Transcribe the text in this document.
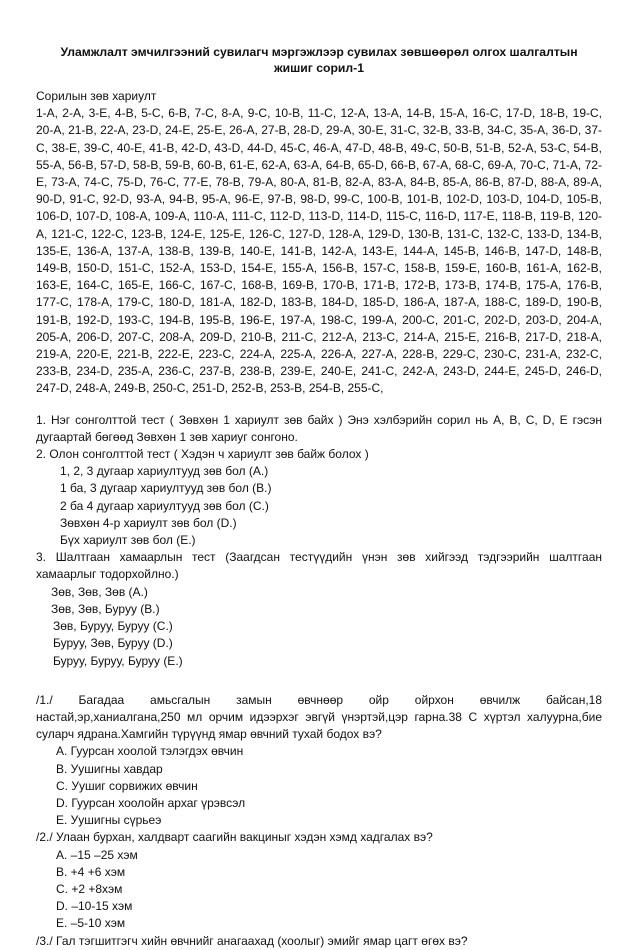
Уламжлалт эмчилгээний сувилагч мэргэжлээр сувилах зөвшөөрөл олгох шалгалтын жишиг сорил-1
Сорилын зөв хариулт
1-A, 2-A, 3-E, 4-B, 5-C, 6-B, 7-C, 8-A, 9-C, 10-B, 11-C, 12-A, 13-A, 14-B, 15-A, 16-C, 17-D, 18-B, 19-C, 20-A, 21-B, 22-A, 23-D, 24-E, 25-E, 26-A, 27-B, 28-D, 29-A, 30-E, 31-C, 32-B, 33-B, 34-C, 35-A, 36-D, 37-C, 38-E, 39-C, 40-E, 41-B, 42-D, 43-D, 44-D, 45-C, 46-A, 47-D, 48-B, 49-C, 50-B, 51-B, 52-A, 53-C, 54-B, 55-A, 56-B, 57-D, 58-B, 59-B, 60-B, 61-E, 62-A, 63-A, 64-B, 65-D, 66-B, 67-A, 68-C, 69-A, 70-C, 71-A, 72-E, 73-A, 74-C, 75-D, 76-C, 77-E, 78-B, 79-A, 80-A, 81-B, 82-A, 83-A, 84-B, 85-A, 86-B, 87-D, 88-A, 89-A, 90-D, 91-C, 92-D, 93-A, 94-B, 95-A, 96-E, 97-B, 98-D, 99-C, 100-B, 101-B, 102-D, 103-D, 104-D, 105-B, 106-D, 107-D, 108-A, 109-A, 110-A, 111-C, 112-D, 113-D, 114-D, 115-C, 116-D, 117-E, 118-B, 119-B, 120-A, 121-C, 122-C, 123-B, 124-E, 125-E, 126-C, 127-D, 128-A, 129-D, 130-B, 131-C, 132-C, 133-D, 134-B, 135-E, 136-A, 137-A, 138-B, 139-B, 140-E, 141-B, 142-A, 143-E, 144-A, 145-B, 146-B, 147-D, 148-B, 149-B, 150-D, 151-C, 152-A, 153-D, 154-E, 155-A, 156-B, 157-C, 158-B, 159-E, 160-B, 161-A, 162-B, 163-E, 164-C, 165-E, 166-C, 167-C, 168-B, 169-B, 170-B, 171-B, 172-B, 173-B, 174-B, 175-A, 176-B, 177-C, 178-A, 179-C, 180-D, 181-A, 182-D, 183-B, 184-D, 185-D, 186-A, 187-A, 188-C, 189-D, 190-B, 191-B, 192-D, 193-C, 194-B, 195-B, 196-E, 197-A, 198-C, 199-A, 200-C, 201-C, 202-D, 203-D, 204-A, 205-A, 206-D, 207-C, 208-A, 209-D, 210-B, 211-C, 212-A, 213-C, 214-A, 215-E, 216-B, 217-D, 218-A, 219-A, 220-E, 221-B, 222-E, 223-C, 224-A, 225-A, 226-A, 227-A, 228-B, 229-C, 230-C, 231-A, 232-C, 233-B, 234-D, 235-A, 236-C, 237-B, 238-B, 239-E, 240-E, 241-C, 242-A, 243-D, 244-E, 245-D, 246-D, 247-D, 248-A, 249-B, 250-C, 251-D, 252-B, 253-B, 254-B, 255-C,
1. Нэг сонголттой тест ( Зөвхөн 1 хариулт зөв байх ) Энэ хэлбэрийн сорил нь A, B, C, D, E гэсэн дугаартай бөгөөд Зөвхөн 1 зөв хариуг сонгоно.
2. Олон сонголттой тест ( Хэдэн ч хариулт зөв байж болох )
1, 2, 3 дугаар хариултууд зөв бол (A.)
1 ба, 3 дугаар хариултууд зөв бол (B.)
2 ба 4 дугаар хариултууд зөв бол (C.)
Зөвхөн 4-р хариулт зөв бол (D.)
Бүх хариулт зөв бол (E.)
3. Шалтгаан хамаарлын тест (Заагдсан тестүүдийн үнэн зөв хийгээд тэдгээрийн шалтгаан хамаарлыг тодорхойлно.)
Зөв, Зөв, Зөв (A.)
Зөв, Зөв, Буруу (B.)
Зөв, Буруу, Буруу (C.)
Буруу, Зөв, Буруу (D.)
Буруу, Буруу, Буруу (E.)
/1./ Багадаа амьсгалын замын өвчнөөр ойр ойрхон өвчилж байсан,18
настай,эр,ханиалгана,250 мл орчим идээрхэг эвгүй үнэртэй,цэр гарна.38 С хүртэл халуурна,бие суларч ядрана.Хамгийн түрүүнд ямар өвчний тухай бодох вэ?
A. Гуурсан хоолой тэлэгдэх өвчин
B. Уушигны хавдар
C. Уушиг сорвижих өвчин
D. Гуурсан хоолойн архаг үрэвсэл
E. Уушигны сүрьеэ
/2./ Улаан бурхан, халдварт саагийн вакциныг хэдэн хэмд хадгалах вэ?
A. –15 –25 хэм
B. +4 +6 хэм
C. +2 +8хэм
D. –10-15 хэм
E. –5-10 хэм
/3./ Гал тэгшитгэгч хийн өвчнийг анагаахад (хоолыг) эмийг ямар цагт өгөх вэ?
